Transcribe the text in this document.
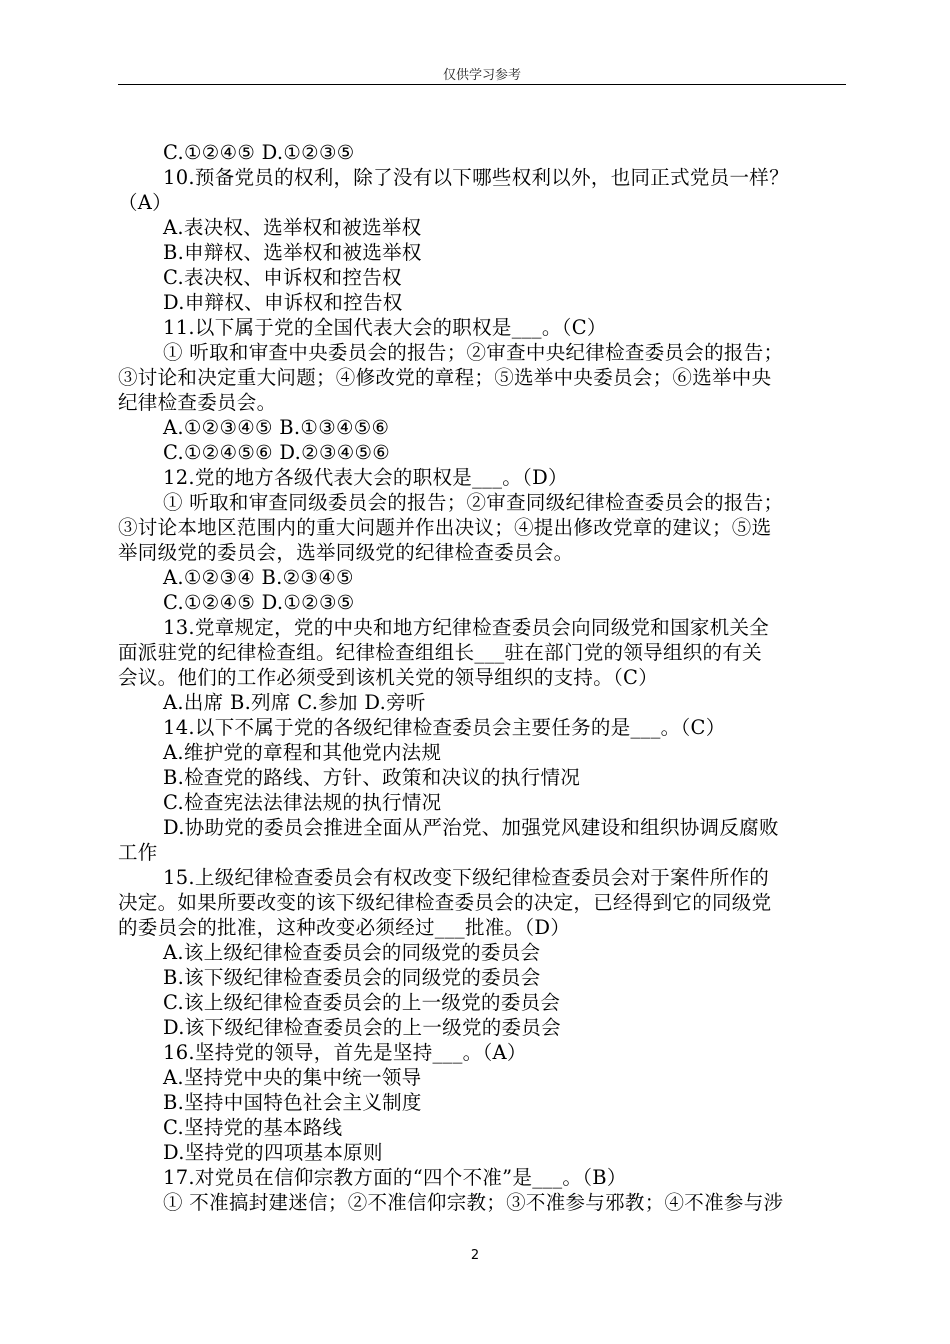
仅供学习参考
C.①②④⑤ D.①②③⑤
10.预备党员的权利，除了没有以下哪些权利以外，也同正式党员一样？
（A）
A.表决权、选举权和被选举权
B.申辩权、选举权和被选举权
C.表决权、申诉权和控告权
D.申辩权、申诉权和控告权
11.以下属于党的全国代表大会的职权是___。（C）
① 听取和审查中央委员会的报告；②审查中央纪律检查委员会的报告；
③讨论和决定重大问题；④修改党的章程；⑤选举中央委员会；⑥选举中央
纪律检查委员会。
A.①②③④⑤ B.①③④⑤⑥
C.①②④⑤⑥ D.②③④⑤⑥
12.党的地方各级代表大会的职权是___。（D）
① 听取和审查同级委员会的报告；②审查同级纪律检查委员会的报告；
③讨论本地区范围内的重大问题并作出决议；④提出修改党章的建议；⑤选
举同级党的委员会，选举同级党的纪律检查委员会。
A.①②③④ B.②③④⑤
C.①②④⑤ D.①②③⑤
13.党章规定，党的中央和地方纪律检查委员会向同级党和国家机关全
面派驻党的纪律检查组。纪律检查组组长___驻在部门党的领导组织的有关
会议。他们的工作必须受到该机关党的领导组织的支持。（C）
A.出席 B.列席 C.参加 D.旁听
14.以下不属于党的各级纪律检查委员会主要任务的是___。（C）
A.维护党的章程和其他党内法规
B.检查党的路线、方针、政策和决议的执行情况
C.检查宪法法律法规的执行情况
D.协助党的委员会推进全面从严治党、加强党风建设和组织协调反腐败
工作
15.上级纪律检查委员会有权改变下级纪律检查委员会对于案件所作的
决定。如果所要改变的该下级纪律检查委员会的决定，已经得到它的同级党
的委员会的批准，这种改变必须经过___批准。（D）
A.该上级纪律检查委员会的同级党的委员会
B.该下级纪律检查委员会的同级党的委员会
C.该上级纪律检查委员会的上一级党的委员会
D.该下级纪律检查委员会的上一级党的委员会
16.坚持党的领导，首先是坚持___。（A）
A.坚持党中央的集中统一领导
B.坚持中国特色社会主义制度
C.坚持党的基本路线
D.坚持党的四项基本原则
17.对党员在信仰宗教方面的“四个不准”是___。（B）
① 不准搞封建迷信；②不准信仰宗教；③不准参与邪教；④不准参与涉
2
